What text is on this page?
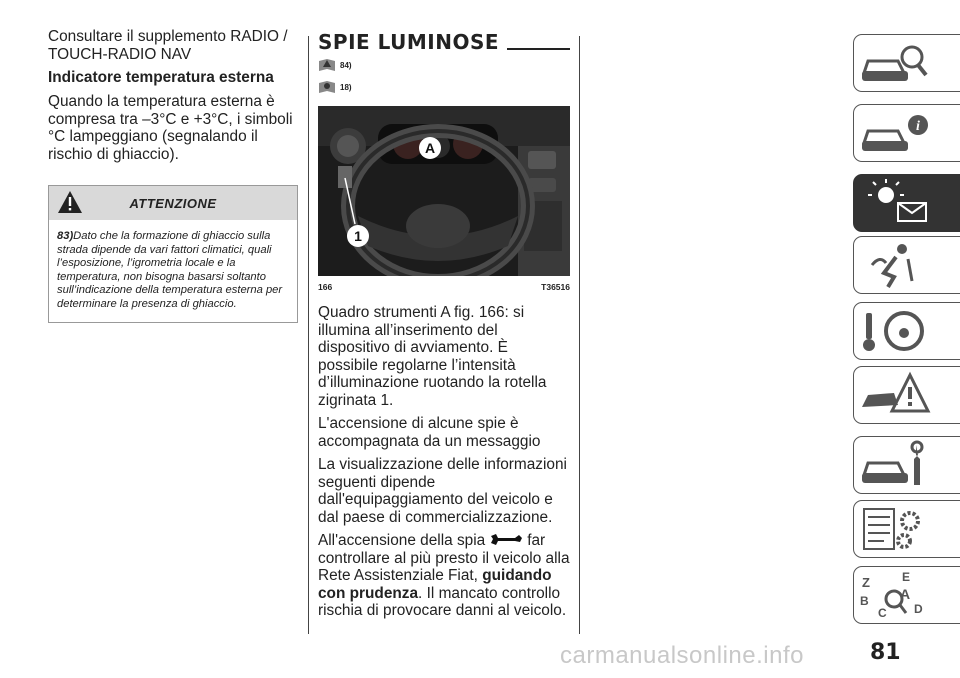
Consultare il supplemento RADIO / TOUCH-RADIO NAV

Indicatore temperatura esterna

Quando la temperatura esterna è compresa tra –3°C e +3°C, i simboli °C lampeggiano (segnalando il rischio di ghiaccio).

ATTENZIONE
83)Dato che la formazione di ghiaccio sulla strada dipende da vari fattori climatici, quali l’esposizione, l’igrometria locale e la temperatura, non bisogna basarsi soltanto sull’indicazione della temperatura esterna per determinare la presenza di ghiaccio.
SPIE LUMINOSE
84)
18)
A
1
166	T36516

Quadro strumenti A fig. 166: si illumina all’inserimento del dispositivo di avviamento. È possibile regolarne l’intensità d’illuminazione ruotando la rotella zigrinata 1.

L'accensione di alcune spie è accompagnata da un messaggio

La visualizzazione delle informazioni seguenti dipende dall'equipaggiamento del veicolo e dal paese di commercializzazione.

All'accensione della spia	far controllare al più presto il veicolo alla Rete Assistenziale Fiat, guidando con prudenza. Il mancato controllo rischia di provocare danni al veicolo.

i
Z	E
B A
D
C
81
carmanualsonline.info
